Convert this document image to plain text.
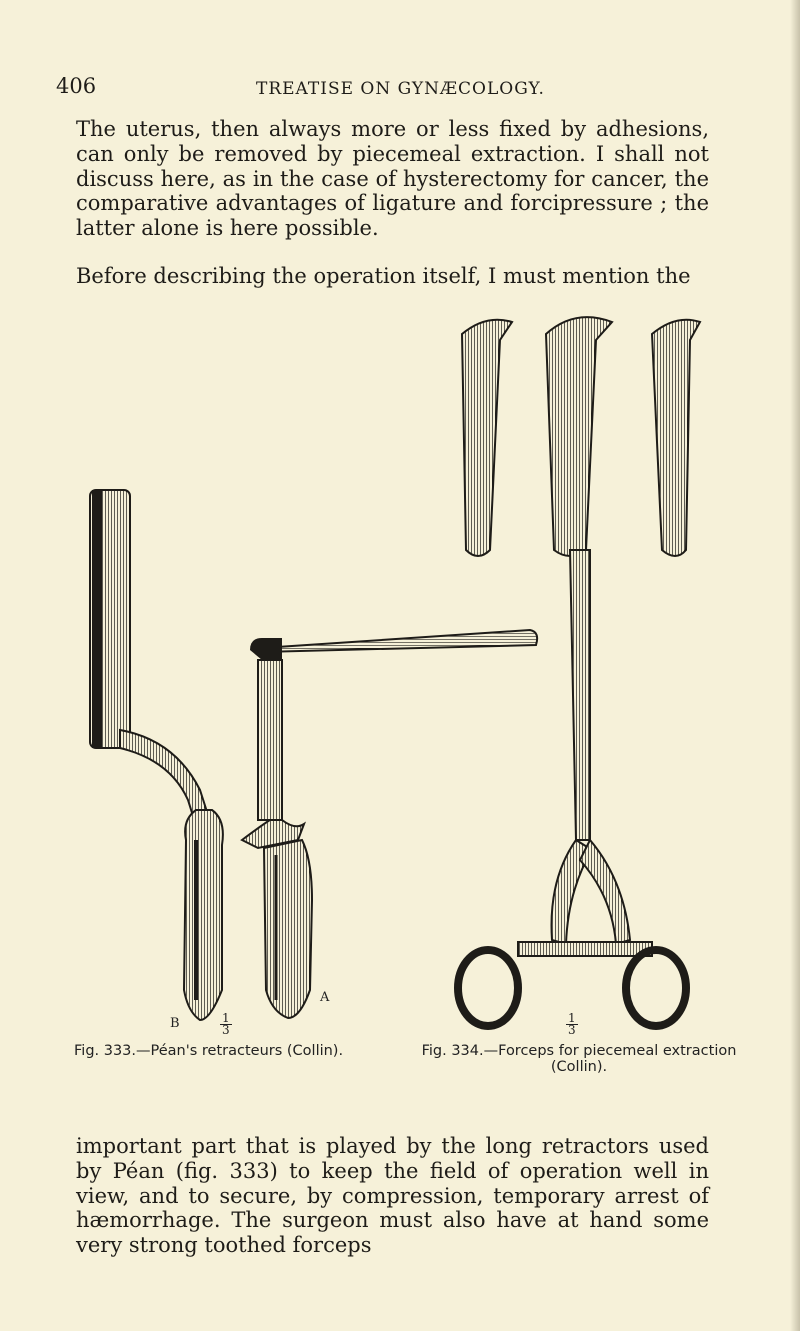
406	TREATISE ON GYNÆCOLOGY.

The uterus, then always more or less fixed by adhesions, can only be removed by piecemeal extraction. I shall not discuss here, as in the case of hysterectomy for cancer, the comparative advantages of ligature and forcipressure ; the latter alone is here possible.

Before describing the operation itself, I must mention the

B
A
$\frac{1}{3}$	$\frac{1}{3}$
Fig. 333.—Péan's retracteurs (Collin).	Fig. 334.—Forceps for piecemeal extraction (Collin).

important part that is played by the long retractors used by Péan (fig. 333) to keep the field of operation well in view, and to secure, by compression, temporary arrest of hæmorrhage. The surgeon must also have at hand some very strong toothed forceps
